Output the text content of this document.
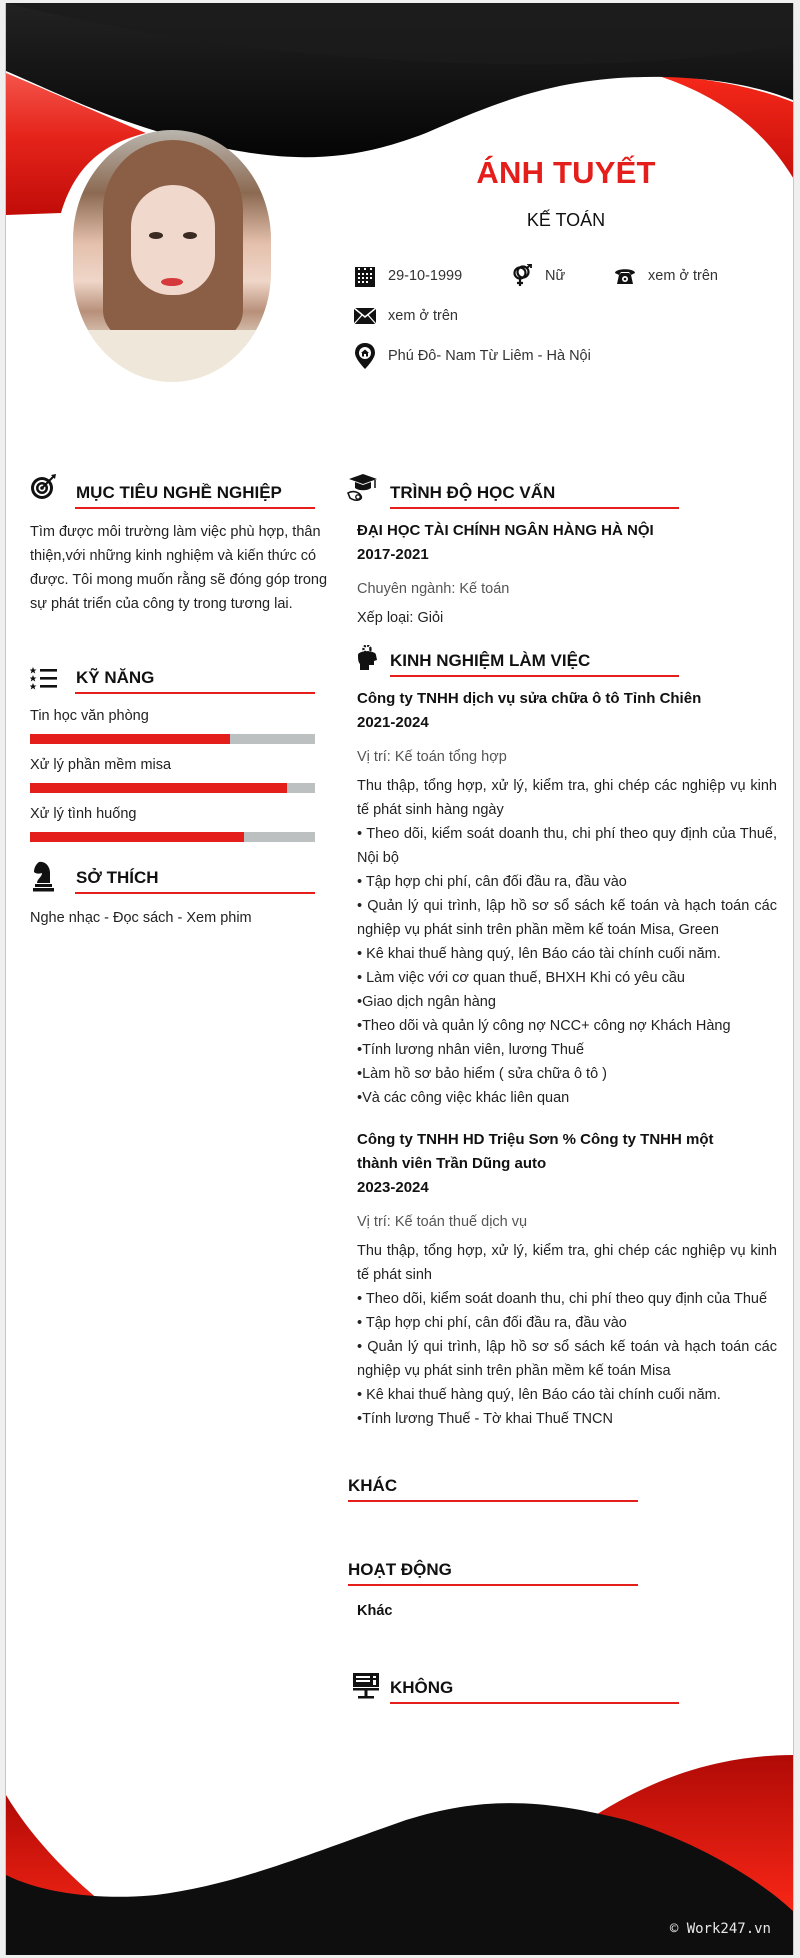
ÁNH TUYẾT
KẾ TOÁN
29-10-1999	Nữ	xem ở trên
xem ở trên
Phú Đô- Nam Từ Liêm - Hà Nội
MỤC TIÊU NGHỀ NGHIỆP
Tìm được môi trường làm việc phù hợp, thân thiện,với những kinh nghiệm và kiến thức có được. Tôi mong muốn rằng sẽ đóng góp trong sự phát triển của công ty trong tương lai.
KỸ NĂNG
Tin học văn phòng
Xử lý phần mềm misa
Xử lý tình huống
SỞ THÍCH
Nghe nhạc - Đọc sách - Xem phim
TRÌNH ĐỘ HỌC VẤN
ĐẠI HỌC TÀI CHÍNH NGÂN HÀNG HÀ NỘI
2017-2021
Chuyên ngành: Kế toán
Xếp loại: Giỏi
KINH NGHIỆM LÀM VIỆC
Công ty TNHH dịch vụ sửa chữa ô tô Tỉnh Chiên
2021-2024
Vị trí: Kế toán tổng hợp
Thu thập, tổng hợp, xử lý, kiểm tra, ghi chép các nghiệp vụ kinh tế phát sinh hàng ngày
• Theo dõi, kiểm soát doanh thu, chi phí theo quy định của Thuế, Nội bộ
• Tập hợp chi phí, cân đối đầu ra, đầu vào
• Quản lý qui trình, lập hồ sơ sổ sách kế toán và hạch toán các nghiệp vụ phát sinh trên phần mềm kế toán Misa, Green
• Kê khai thuế hàng quý, lên Báo cáo tài chính cuối năm.
• Làm việc với cơ quan thuế, BHXH Khi có yêu cầu
•Giao dịch ngân hàng
•Theo dõi và quản lý công nợ NCC+ công nợ Khách Hàng
•Tính lương nhân viên, lương Thuế
•Làm hồ sơ bảo hiểm ( sửa chữa ô tô )
•Và các công việc khác liên quan
Công ty TNHH HD Triệu Sơn % Công ty TNHH một thành viên Trần Dũng auto
2023-2024
Vị trí: Kế toán thuế dịch vụ
Thu thập, tổng hợp, xử lý, kiểm tra, ghi chép các nghiệp vụ kinh tế phát sinh
• Theo dõi, kiểm soát doanh thu, chi phí theo quy định của Thuế
• Tập hợp chi phí, cân đối đầu ra, đầu vào
• Quản lý qui trình, lập hồ sơ sổ sách kế toán và hạch toán các nghiệp vụ phát sinh trên phần mềm kế toán Misa
• Kê khai thuế hàng quý, lên Báo cáo tài chính cuối năm.
•Tính lương Thuế - Tờ khai Thuế TNCN
KHÁC
HOẠT ĐỘNG
Khác
KHÔNG
© Work247.vn
